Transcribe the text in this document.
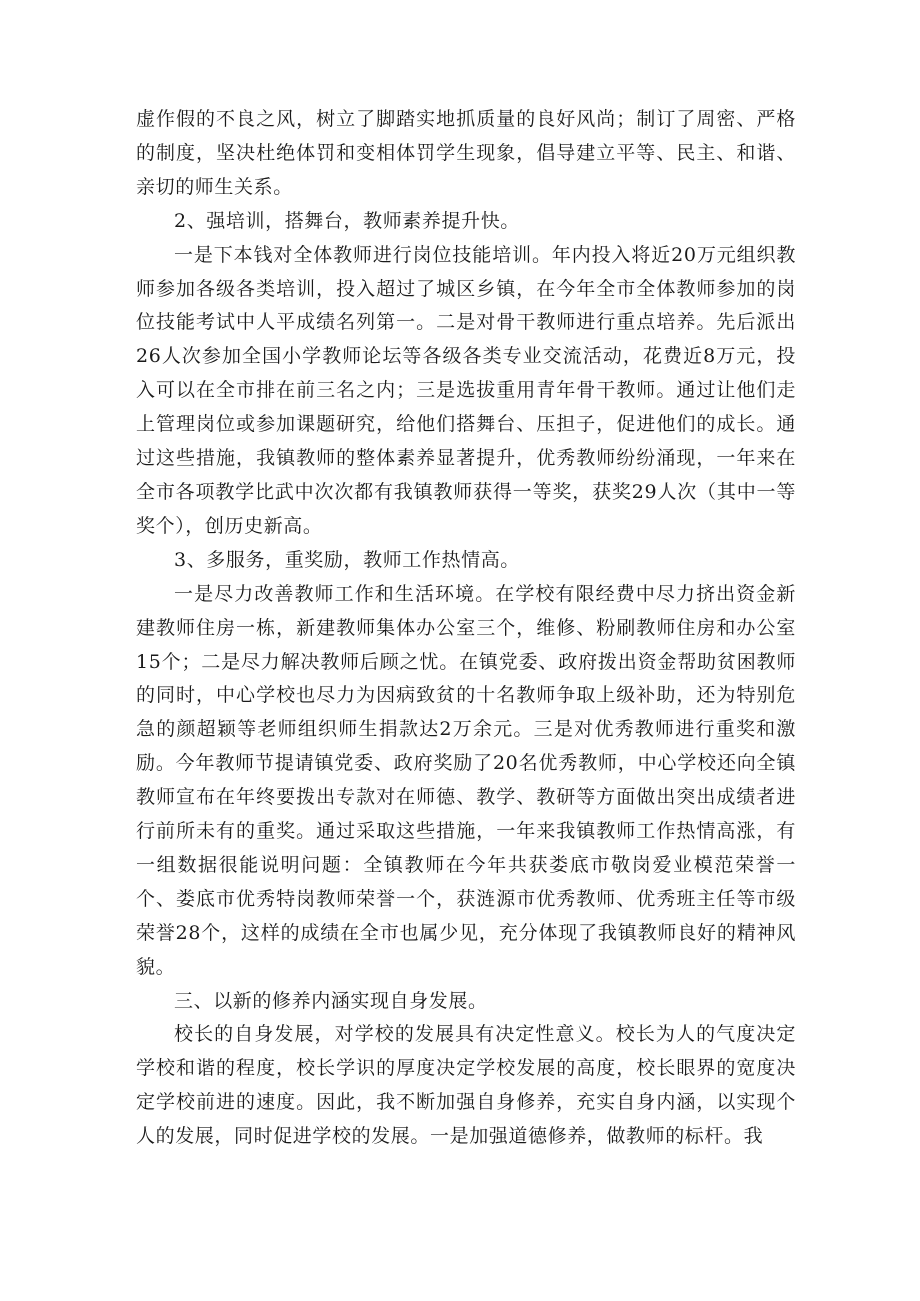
虚作假的不良之风，树立了脚踏实地抓质量的良好风尚；制订了周密、严格的制度，坚决杜绝体罚和变相体罚学生现象，倡导建立平等、民主、和谐、亲切的师生关系。

2、强培训，搭舞台，教师素养提升快。

一是下本钱对全体教师进行岗位技能培训。年内投入将近20万元组织教师参加各级各类培训，投入超过了城区乡镇，在今年全市全体教师参加的岗位技能考试中人平成绩名列第一。二是对骨干教师进行重点培养。先后派出26人次参加全国小学教师论坛等各级各类专业交流活动，花费近8万元，投入可以在全市排在前三名之内；三是选拔重用青年骨干教师。通过让他们走上管理岗位或参加课题研究，给他们搭舞台、压担子，促进他们的成长。通过这些措施，我镇教师的整体素养显著提升，优秀教师纷纷涌现，一年来在全市各项教学比武中次次都有我镇教师获得一等奖，获奖29人次（其中一等奖个），创历史新高。

3、多服务，重奖励，教师工作热情高。

一是尽力改善教师工作和生活环境。在学校有限经费中尽力挤出资金新建教师住房一栋，新建教师集体办公室三个，维修、粉刷教师住房和办公室15个；二是尽力解决教师后顾之忧。在镇党委、政府拨出资金帮助贫困教师的同时，中心学校也尽力为因病致贫的十名教师争取上级补助，还为特别危急的颜超颖等老师组织师生捐款达2万余元。三是对优秀教师进行重奖和激励。今年教师节提请镇党委、政府奖励了20名优秀教师，中心学校还向全镇教师宣布在年终要拨出专款对在师德、教学、教研等方面做出突出成绩者进行前所未有的重奖。通过采取这些措施，一年来我镇教师工作热情高涨，有一组数据很能说明问题：全镇教师在今年共获娄底市敬岗爱业模范荣誉一个、娄底市优秀特岗教师荣誉一个，获涟源市优秀教师、优秀班主任等市级荣誉28个，这样的成绩在全市也属少见，充分体现了我镇教师良好的精神风貌。

三、以新的修养内涵实现自身发展。

校长的自身发展，对学校的发展具有决定性意义。校长为人的气度决定学校和谐的程度，校长学识的厚度决定学校发展的高度，校长眼界的宽度决定学校前进的速度。因此，我不断加强自身修养，充实自身内涵，以实现个人的发展，同时促进学校的发展。一是加强道德修养，做教师的标杆。我
